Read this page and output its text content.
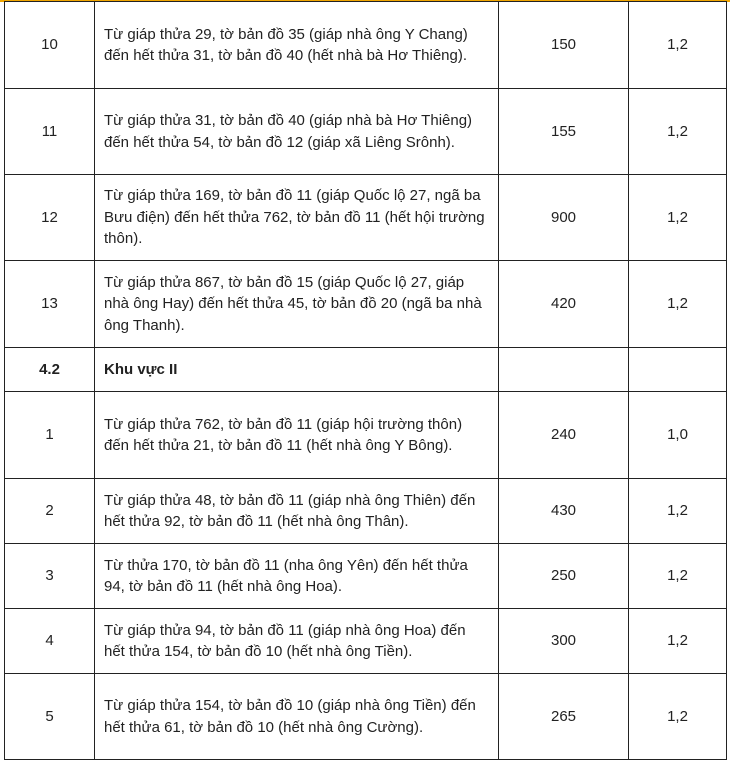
10	Từ giáp thửa 29, tờ bản đồ 35 (giáp nhà ông Y Chang) đến hết thửa 31, tờ bản đồ 40 (hết nhà bà Hơ Thiêng).	150	1,2
11	Từ giáp thửa 31, tờ bản đồ 40 (giáp nhà bà Hơ Thiêng) đến hết thửa 54, tờ bản đồ 12 (giáp xã Liêng Srônh).	155	1,2
12	Từ giáp thửa 169, tờ bản đồ 11 (giáp Quốc lộ 27, ngã ba Bưu điện) đến hết thửa 762, tờ bản đồ 11 (hết hội trường thôn).	900	1,2
13	Từ giáp thửa 867, tờ bản đồ 15 (giáp Quốc lộ 27, giáp nhà ông Hay) đến hết thửa 45, tờ bản đồ 20 (ngã ba nhà ông Thanh).	420	1,2
4.2	Khu vực II		
1	Từ giáp thửa 762, tờ bản đồ 11 (giáp hội trường thôn) đến hết thửa 21, tờ bản đồ 11 (hết nhà ông Y Bông).	240	1,0
2	Từ giáp thửa 48, tờ bản đồ 11 (giáp nhà ông Thiên) đến hết thửa 92, tờ bản đồ 11 (hết nhà ông Thân).	430	1,2
3	Từ thửa 170, tờ bản đồ 11 (nha ông Yên) đến hết thửa 94, tờ bản đồ 11 (hết nhà ông Hoa).	250	1,2
4	Từ giáp thửa 94, tờ bản đồ 11 (giáp nhà ông Hoa) đến hết thửa 154, tờ bản đồ 10 (hết nhà ông Tiền).	300	1,2
5	Từ giáp thửa 154, tờ bản đồ 10 (giáp nhà ông Tiền) đến hết thửa 61, tờ bản đồ 10 (hết nhà ông Cường).	265	1,2
